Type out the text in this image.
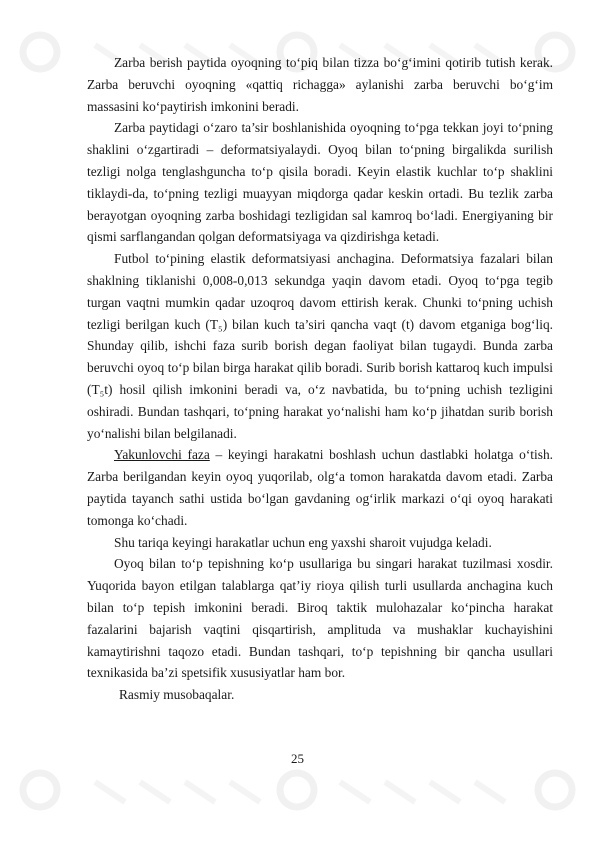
Zarba berish paytida oyoqning to‘piq bilan tizza bo‘g‘imini qotirib tutish kerak. Zarba beruvchi oyoqning «qattiq richagga» aylanishi zarba beruvchi bo‘g‘im massasini ko‘paytirish imkonini beradi.

Zarba paytidagi o‘zaro ta’sir boshlanishida oyoqning to‘pga tekkan joyi to‘pning shaklini o‘zgartiradi – deformatsiyalaydi. Oyoq bilan to‘pning birgalikda surilish tezligi nolga tenglashguncha to‘p qisila boradi. Keyin elastik kuchlar to‘p shaklini tiklaydi-da, to‘pning tezligi muayyan miqdorga qadar keskin ortadi. Bu tezlik zarba berayotgan oyoqning zarba boshidagi tezligidan sal kamroq bo‘ladi. Energiyaning bir qismi sarflangandan qolgan deformatsiyaga va qizdirishga ketadi.

Futbol to‘pining elastik deformatsiyasi anchagina. Deformatsiya fazalari bilan shaklning tiklanishi 0,008-0,013 sekundga yaqin davom etadi. Oyoq to‘pga tegib turgan vaqtni mumkin qadar uzoqroq davom ettirish kerak. Chunki to‘pning uchish tezligi berilgan kuch (T₅) bilan kuch ta’siri qancha vaqt (t) davom etganiga bog‘liq. Shunday qilib, ishchi faza surib borish degan faoliyat bilan tugaydi. Bunda zarba beruvchi oyoq to‘p bilan birga harakat qilib boradi. Surib borish kattaroq kuch impulsi (T₅t) hosil qilish imkonini beradi va, o‘z navbatida, bu to‘pning uchish tezligini oshiradi. Bundan tashqari, to‘pning harakat yo‘nalishi ham ko‘p jihatdan surib borish yo‘nalishi bilan belgilanadi.

Yakunlovchi faza – keyingi harakatni boshlash uchun dastlabki holatga o‘tish. Zarba berilgandan keyin oyoq yuqorilab, olg‘a tomon harakatda davom etadi. Zarba paytida tayanch sathi ustida bo‘lgan gavdaning og‘irlik markazi o‘qi oyoq harakati tomonga ko‘chadi.

Shu tariqa keyingi harakatlar uchun eng yaxshi sharoit vujudga keladi.

Oyoq bilan to‘p tepishning ko‘p usullariga bu singari harakat tuzilmasi xosdir. Yuqorida bayon etilgan talablarga qat’iy rioya qilish turli usullarda anchagina kuch bilan to‘p tepish imkonini beradi. Biroq taktik mulohazalar ko‘pincha harakat fazalarini bajarish vaqtini qisqartirish, amplituda va mushaklar kuchayishini kamaytirishni taqozo etadi. Bundan tashqari, to‘p tepishning bir qancha usullari texnikasida ba’zi spetsifik xususiyatlar ham bor.

Rasmiy musobaqalar.

25
